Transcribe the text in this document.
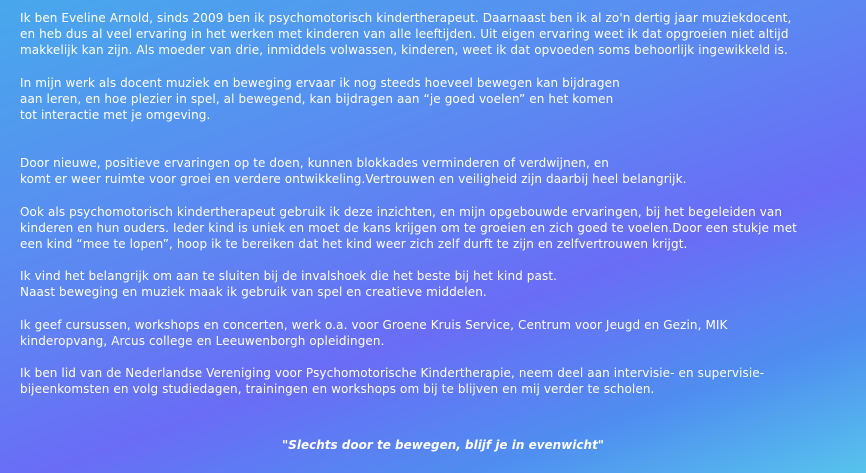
Ik ben Eveline Arnold, sinds 2009 ben ik psychomotorisch kindertherapeut. Daarnaast ben ik al zo'n dertig jaar muziekdocent,
en heb dus al veel ervaring in het werken met kinderen van alle leeftijden. Uit eigen ervaring weet ik dat opgroeien niet altijd
makkelijk kan zijn. Als moeder van drie, inmiddels volwassen, kinderen, weet ik dat opvoeden soms behoorlijk ingewikkeld is.

In mijn werk als docent muziek en beweging ervaar ik nog steeds hoeveel bewegen kan bijdragen
aan leren, en hoe plezier in spel, al bewegend, kan bijdragen aan “je goed voelen” en het komen
tot interactie met je omgeving.

Door nieuwe, positieve ervaringen op te doen, kunnen blokkades verminderen of verdwijnen, en
komt er weer ruimte voor groei en verdere ontwikkeling.Vertrouwen en veiligheid zijn daarbij heel belangrijk.

Ook als psychomotorisch kindertherapeut gebruik ik deze inzichten, en mijn opgebouwde ervaringen, bij het begeleiden van
kinderen en hun ouders. Ieder kind is uniek en moet de kans krijgen om te groeien en zich goed te voelen.Door een stukje met
een kind “mee te lopen”, hoop ik te bereiken dat het kind weer zich zelf durft te zijn en zelfvertrouwen krijgt.

Ik vind het belangrijk om aan te sluiten bij de invalshoek die het beste bij het kind past.
Naast beweging en muziek maak ik gebruik van spel en creatieve middelen.

Ik geef cursussen, workshops en concerten, werk o.a. voor Groene Kruis Service, Centrum voor Jeugd en Gezin, MIK
kinderopvang, Arcus college en Leeuwenborgh opleidingen.

Ik ben lid van de Nederlandse Vereniging voor Psychomotorische Kindertherapie, neem deel aan intervisie- en supervisie-
bijeenkomsten en volg studiedagen, trainingen en workshops om bij te blijven en mij verder te scholen.

"Slechts door te bewegen, blijf je in evenwicht"
